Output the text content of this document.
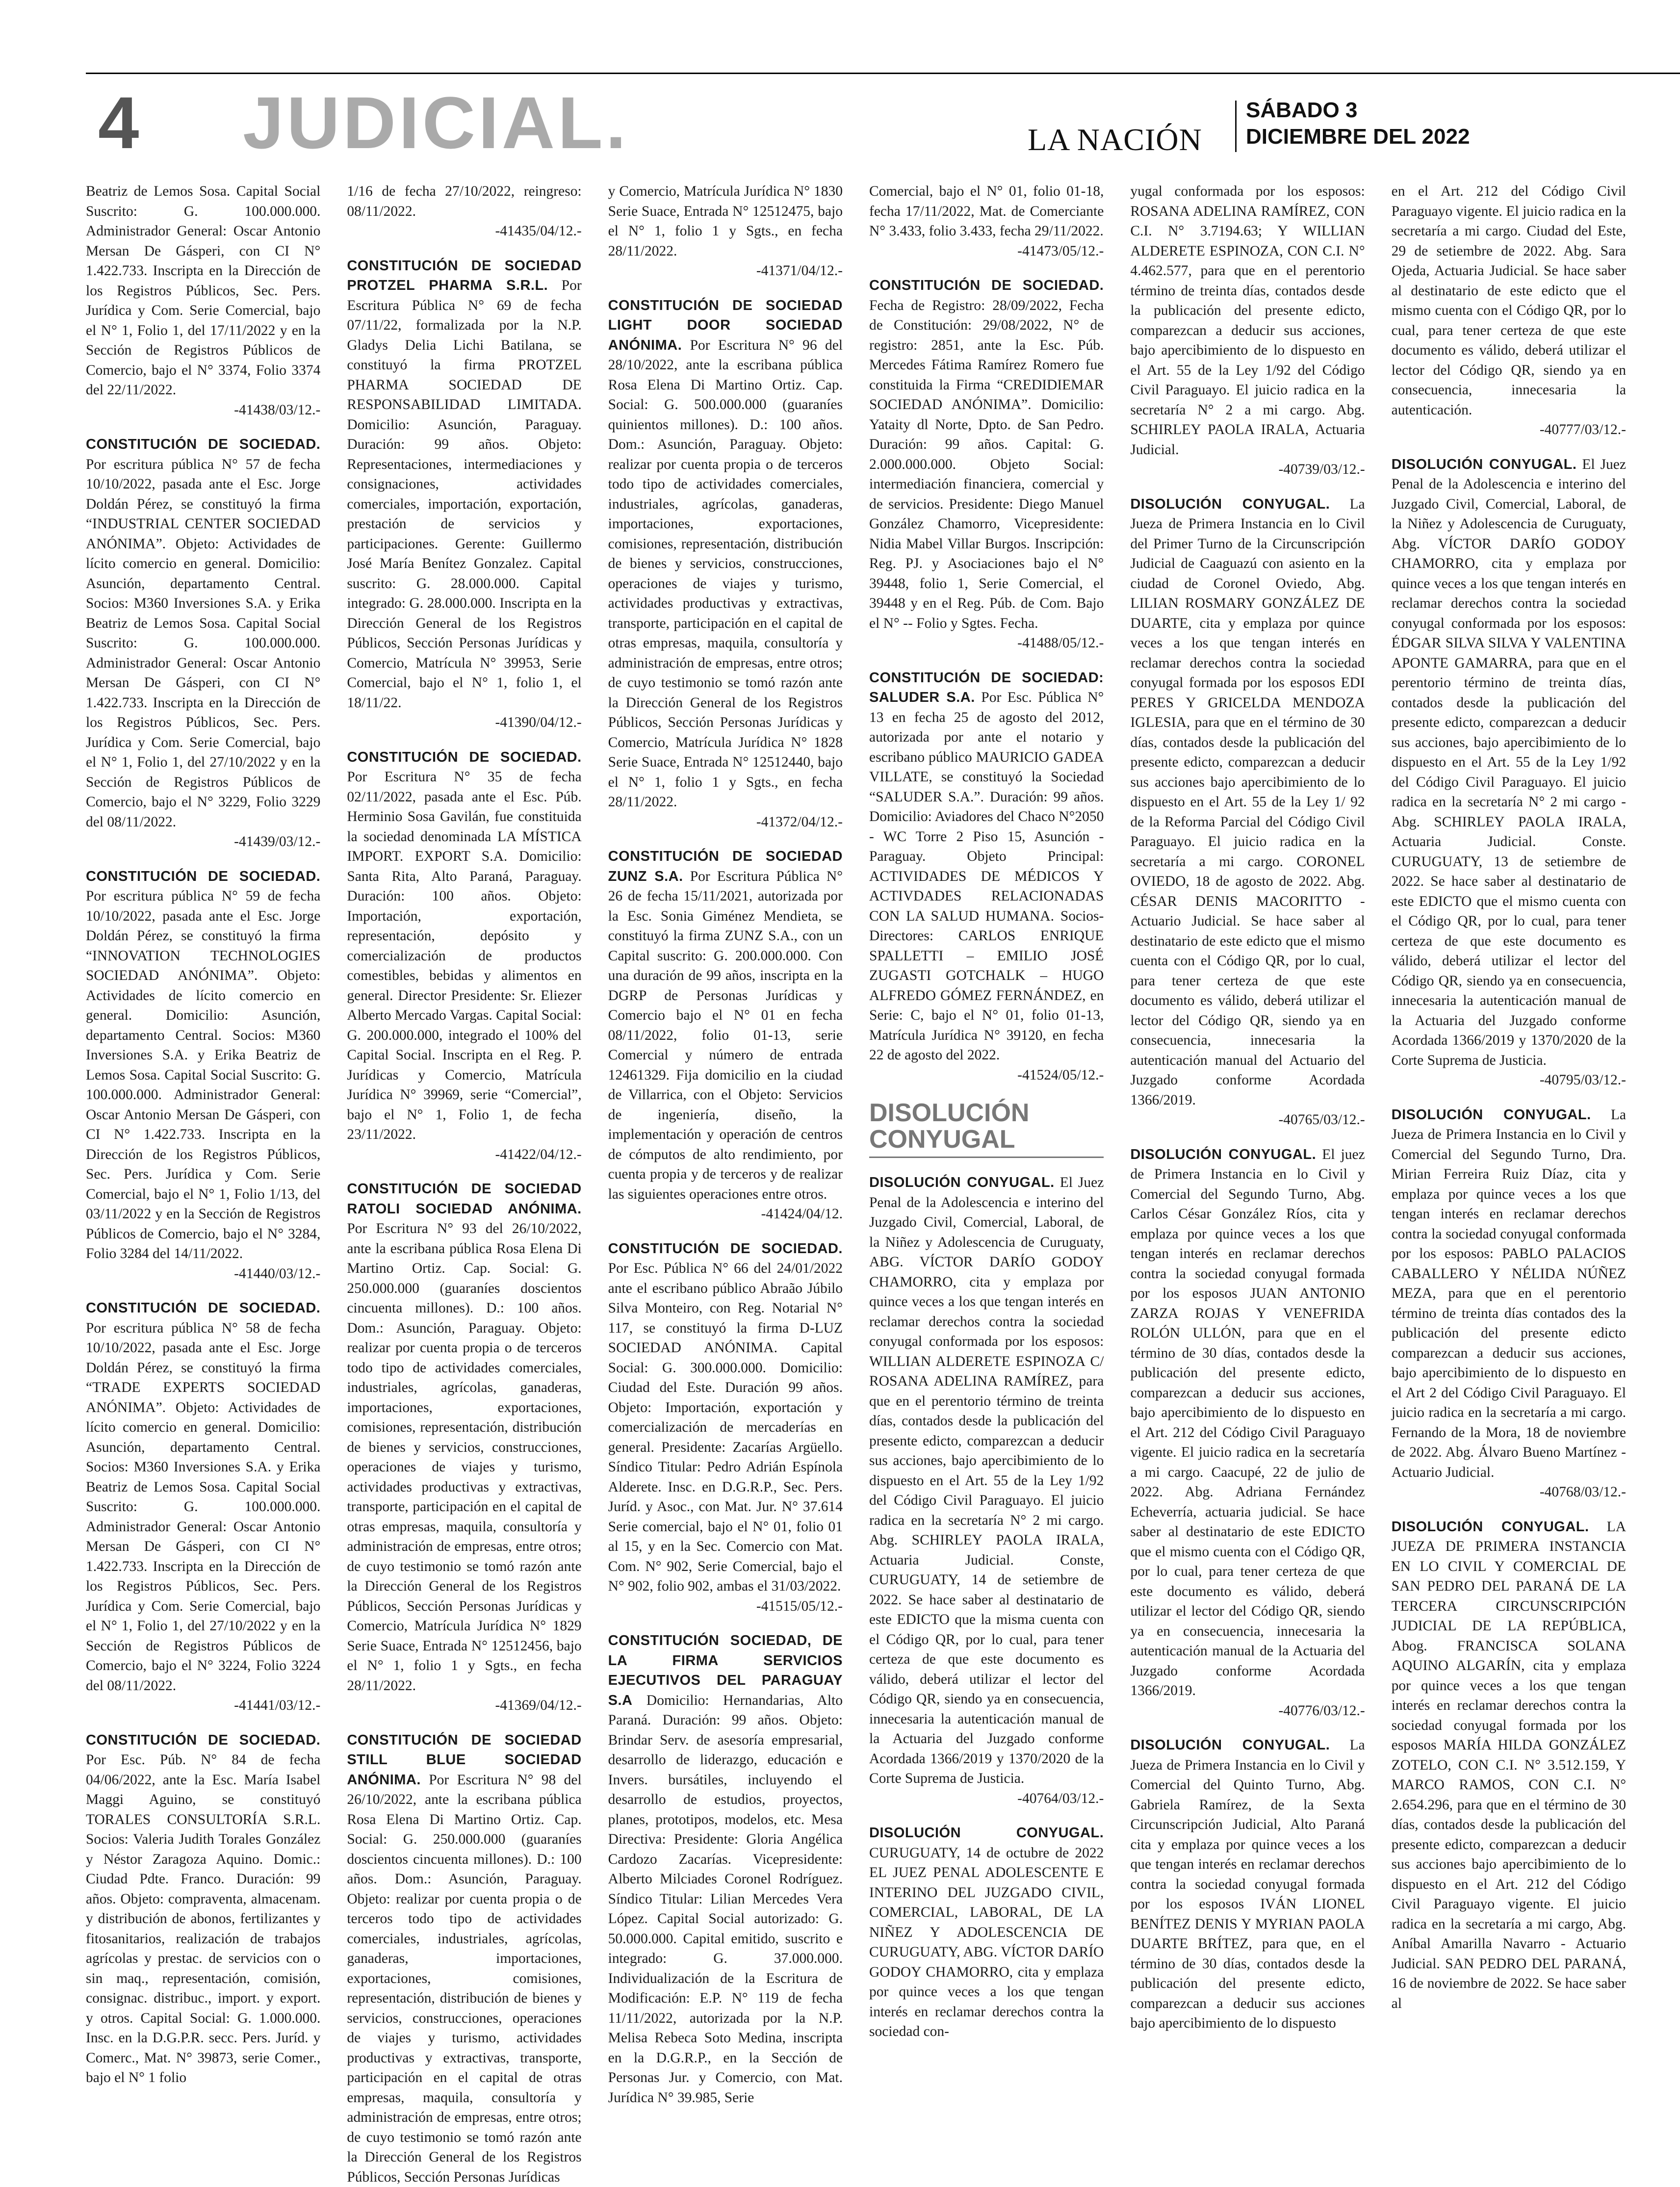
4 JUDICIAL.	LA NACIÓN
SÁBADO 3
DICIEMBRE DEL 2022

Beatriz de Lemos Sosa. Capital Social Suscrito: G. 100.000.000. Administrador General: Oscar Antonio Mersan De Gásperi, con CI N° 1.422.733. Inscripta en la Dirección de los Registros Públicos, Sec. Pers. Jurídica y Com. Serie Comercial, bajo el N° 1, Folio 1, del 17/11/2022 y en la Sección de Registros Públicos de Comercio, bajo el N° 3374, Folio 3374 del 22/11/2022.
-41438/03/12.-

CONSTITUCIÓN DE SOCIEDAD. Por escritura pública N° 57 de fecha 10/10/2022, pasada ante el Esc. Jorge Doldán Pérez, se constituyó la firma “INDUSTRIAL CENTER SOCIEDAD ANÓNIMA”. Objeto: Actividades de lícito comercio en general. Domicilio: Asunción, departamento Central. Socios: M360 Inversiones S.A. y Erika Beatriz de Lemos Sosa. Capital Social Suscrito: G. 100.000.000. Administrador General: Oscar Antonio Mersan De Gásperi, con CI N° 1.422.733. Inscripta en la Dirección de los Registros Públicos, Sec. Pers. Jurídica y Com. Serie Comercial, bajo el N° 1, Folio 1, del 27/10/2022 y en la Sección de Registros Públicos de Comercio, bajo el N° 3229, Folio 3229 del 08/11/2022.
-41439/03/12.-

CONSTITUCIÓN DE SOCIEDAD. Por escritura pública N° 59 de fecha 10/10/2022, pasada ante el Esc. Jorge Doldán Pérez, se constituyó la firma “INNOVATION TECHNOLOGIES SOCIEDAD ANÓNIMA”. Objeto: Actividades de lícito comercio en general. Domicilio: Asunción, departamento Central. Socios: M360 Inversiones S.A. y Erika Beatriz de Lemos Sosa. Capital Social Suscrito: G. 100.000.000. Administrador General: Oscar Antonio Mersan De Gásperi, con CI N° 1.422.733. Inscripta en la Dirección de los Registros Públicos, Sec. Pers. Jurídica y Com. Serie Comercial, bajo el N° 1, Folio 1/13, del 03/11/2022 y en la Sección de Registros Públicos de Comercio, bajo el N° 3284, Folio 3284 del 14/11/2022.
-41440/03/12.-

CONSTITUCIÓN DE SOCIEDAD. Por escritura pública N° 58 de fecha 10/10/2022, pasada ante el Esc. Jorge Doldán Pérez, se constituyó la firma “TRADE EXPERTS SOCIEDAD ANÓNIMA”. Objeto: Actividades de lícito comercio en general. Domicilio: Asunción, departamento Central. Socios: M360 Inversiones S.A. y Erika Beatriz de Lemos Sosa. Capital Social Suscrito: G. 100.000.000. Administrador General: Oscar Antonio Mersan De Gásperi, con CI N° 1.422.733. Inscripta en la Dirección de los Registros Públicos, Sec. Pers. Jurídica y Com. Serie Comercial, bajo el N° 1, Folio 1, del 27/10/2022 y en la Sección de Registros Públicos de Comercio, bajo el N° 3224, Folio 3224 del 08/11/2022.
-41441/03/12.-

CONSTITUCIÓN DE SOCIEDAD. Por Esc. Púb. N° 84 de fecha 04/06/2022, ante la Esc. María Isabel Maggi Aguino, se constituyó TORALES CONSULTORÍA S.R.L. Socios: Valeria Judith Torales González y Néstor Zaragoza Aquino. Domic.: Ciudad Pdte. Franco. Duración: 99 años. Objeto: compraventa, almacenam. y distribución de abonos, fertilizantes y fitosanitarios, realización de trabajos agrícolas y prestac. de servicios con o sin maq., representación, comisión, consignac. distribuc., import. y export. y otros. Capital Social: G. 1.000.000. Insc. en la D.G.P.R. secc. Pers. Juríd. y Comerc., Mat. N° 39873, serie Comer., bajo el N° 1 folio

1/16 de fecha 27/10/2022, reingreso: 08/11/2022.
-41435/04/12.-

CONSTITUCIÓN DE SOCIEDAD PROTZEL PHARMA S.R.L. Por Escritura Pública N° 69 de fecha 07/11/22, formalizada por la N.P. Gladys Delia Lichi Batilana, se constituyó la firma PROTZEL PHARMA SOCIEDAD DE RESPONSABILIDAD LIMITADA. Domicilio: Asunción, Paraguay. Duración: 99 años. Objeto: Representaciones, intermediaciones y consignaciones, actividades comerciales, importación, exportación, prestación de servicios y participaciones. Gerente: Guillermo José María Benítez Gonzalez. Capital suscrito: G. 28.000.000. Capital integrado: G. 28.000.000. Inscripta en la Dirección General de los Registros Públicos, Sección Personas Jurídicas y Comercio, Matrícula N° 39953, Serie Comercial, bajo el N° 1, folio 1, el 18/11/22.
-41390/04/12.-

CONSTITUCIÓN DE SOCIEDAD. Por Escritura N° 35 de fecha 02/11/2022, pasada ante el Esc. Púb. Herminio Sosa Gavilán, fue constituida la sociedad denominada LA MÍSTICA IMPORT. EXPORT S.A. Domicilio: Santa Rita, Alto Paraná, Paraguay. Duración: 100 años. Objeto: Importación, exportación, representación, depósito y comercialización de productos comestibles, bebidas y alimentos en general. Director Presidente: Sr. Eliezer Alberto Mercado Vargas. Capital Social: G. 200.000.000, integrado el 100% del Capital Social. Inscripta en el Reg. P. Jurídicas y Comercio, Matrícula Jurídica N° 39969, serie “Comercial”, bajo el N° 1, Folio 1, de fecha 23/11/2022.
-41422/04/12.-

CONSTITUCIÓN DE SOCIEDAD RATOLI SOCIEDAD ANÓNIMA. Por Escritura N° 93 del 26/10/2022, ante la escribana pública Rosa Elena Di Martino Ortiz. Cap. Social: G. 250.000.000 (guaraníes doscientos cincuenta millones). D.: 100 años. Dom.: Asunción, Paraguay. Objeto: realizar por cuenta propia o de terceros todo tipo de actividades comerciales, industriales, agrícolas, ganaderas, importaciones, exportaciones, comisiones, representación, distribución de bienes y servicios, construcciones, operaciones de viajes y turismo, actividades productivas y extractivas, transporte, participación en el capital de otras empresas, maquila, consultoría y administración de empresas, entre otros; de cuyo testimonio se tomó razón ante la Dirección General de los Registros Públicos, Sección Personas Jurídicas y Comercio, Matrícula Jurídica N° 1829 Serie Suace, Entrada N° 12512456, bajo el N° 1, folio 1 y Sgts., en fecha 28/11/2022.
-41369/04/12.-

CONSTITUCIÓN DE SOCIEDAD STILL BLUE SOCIEDAD ANÓNIMA. Por Escritura N° 98 del 26/10/2022, ante la escribana pública Rosa Elena Di Martino Ortiz. Cap. Social: G. 250.000.000 (guaraníes doscientos cincuenta millones). D.: 100 años. Dom.: Asunción, Paraguay. Objeto: realizar por cuenta propia o de terceros todo tipo de actividades comerciales, industriales, agrícolas, ganaderas, importaciones, exportaciones, comisiones, representación, distribución de bienes y servicios, construcciones, operaciones de viajes y turismo, actividades productivas y extractivas, transporte, participación en el capital de otras empresas, maquila, consultoría y administración de empresas, entre otros; de cuyo testimonio se tomó razón ante la Dirección General de los Registros Públicos, Sección Personas Jurídicas

y Comercio, Matrícula Jurídica N° 1830 Serie Suace, Entrada N° 12512475, bajo el N° 1, folio 1 y Sgts., en fecha 28/11/2022.
-41371/04/12.-

CONSTITUCIÓN DE SOCIEDAD LIGHT DOOR SOCIEDAD ANÓNIMA. Por Escritura N° 96 del 28/10/2022, ante la escribana pública Rosa Elena Di Martino Ortiz. Cap. Social: G. 500.000.000 (guaraníes quinientos millones). D.: 100 años. Dom.: Asunción, Paraguay. Objeto: realizar por cuenta propia o de terceros todo tipo de actividades comerciales, industriales, agrícolas, ganaderas, importaciones, exportaciones, comisiones, representación, distribución de bienes y servicios, construcciones, operaciones de viajes y turismo, actividades productivas y extractivas, transporte, participación en el capital de otras empresas, maquila, consultoría y administración de empresas, entre otros; de cuyo testimonio se tomó razón ante la Dirección General de los Registros Públicos, Sección Personas Jurídicas y Comercio, Matrícula Jurídica N° 1828 Serie Suace, Entrada N° 12512440, bajo el N° 1, folio 1 y Sgts., en fecha 28/11/2022.
-41372/04/12.-

CONSTITUCIÓN DE SOCIEDAD ZUNZ S.A. Por Escritura Pública N° 26 de fecha 15/11/2021, autorizada por la Esc. Sonia Giménez Mendieta, se constituyó la firma ZUNZ S.A., con un Capital suscrito: G. 200.000.000. Con una duración de 99 años, inscripta en la DGRP de Personas Jurídicas y Comercio bajo el N° 01 en fecha 08/11/2022, folio 01-13, serie Comercial y número de entrada 12461329. Fija domicilio en la ciudad de Villarrica, con el Objeto: Servicios de ingeniería, diseño, la implementación y operación de centros de cómputos de alto rendimiento, por cuenta propia y de terceros y de realizar las siguientes operaciones entre otros.
-41424/04/12.

CONSTITUCIÓN DE SOCIEDAD. Por Esc. Pública N° 66 del 24/01/2022 ante el escribano público Abraão Júbilo Silva Monteiro, con Reg. Notarial N° 117, se constituyó la firma D-LUZ SOCIEDAD ANÓNIMA. Capital Social: G. 300.000.000. Domicilio: Ciudad del Este. Duración 99 años. Objeto: Importación, exportación y comercialización de mercaderías en general. Presidente: Zacarías Argüello. Síndico Titular: Pedro Adrián Espínola Alderete. Insc. en D.G.R.P., Sec. Pers. Juríd. y Asoc., con Mat. Jur. N° 37.614 Serie comercial, bajo el N° 01, folio 01 al 15, y en la Sec. Comercio con Mat. Com. N° 902, Serie Comercial, bajo el N° 902, folio 902, ambas el 31/03/2022.
-41515/05/12.-

CONSTITUCIÓN SOCIEDAD, DE LA FIRMA SERVICIOS EJECUTIVOS DEL PARAGUAY S.A Domicilio: Hernandarias, Alto Paraná. Duración: 99 años. Objeto: Brindar Serv. de asesoría empresarial, desarrollo de liderazgo, educación e Invers. bursátiles, incluyendo el desarrollo de estudios, proyectos, planes, prototipos, modelos, etc. Mesa Directiva: Presidente: Gloria Angélica Cardozo Zacarías. Vicepresidente: Alberto Milciades Coronel Rodríguez. Síndico Titular: Lilian Mercedes Vera López. Capital Social autorizado: G. 50.000.000. Capital emitido, suscrito e integrado: G. 37.000.000. Individualización de la Escritura de Modificación: E.P. N° 119 de fecha 11/11/2022, autorizada por la N.P. Melisa Rebeca Soto Medina, inscripta en la D.G.R.P., en la Sección de Personas Jur. y Comercio, con Mat. Jurídica N° 39.985, Serie

Comercial, bajo el N° 01, folio 01-18, fecha 17/11/2022, Mat. de Comerciante N° 3.433, folio 3.433, fecha 29/11/2022.
-41473/05/12.-

CONSTITUCIÓN DE SOCIEDAD. Fecha de Registro: 28/09/2022, Fecha de Constitución: 29/08/2022, N° de registro: 2851, ante la Esc. Púb. Mercedes Fátima Ramírez Romero fue constituida la Firma “CREDIDIEMAR SOCIEDAD ANÓNIMA”. Domicilio: Yataity dl Norte, Dpto. de San Pedro. Duración: 99 años. Capital: G. 2.000.000.000. Objeto Social: intermediación financiera, comercial y de servicios. Presidente: Diego Manuel González Chamorro, Vicepresidente: Nidia Mabel Villar Burgos. Inscripción: Reg. PJ. y Asociaciones bajo el N° 39448, folio 1, Serie Comercial, el 39448 y en el Reg. Púb. de Com. Bajo el N° -- Folio y Sgtes. Fecha.
-41488/05/12.-

CONSTITUCIÓN DE SOCIEDAD: SALUDER S.A. Por Esc. Pública N° 13 en fecha 25 de agosto del 2012, autorizada por ante el notario y escribano público MAURICIO GADEA VILLATE, se constituyó la Sociedad “SALUDER S.A.”. Duración: 99 años. Domicilio: Aviadores del Chaco N°2050 - WC Torre 2 Piso 15, Asunción - Paraguay. Objeto Principal: ACTIVIDADES DE MÉDICOS Y ACTIVDADES RELACIONADAS CON LA SALUD HUMANA. Socios-Directores: CARLOS ENRIQUE SPALLETTI – EMILIO JOSÉ ZUGASTI GOTCHALK – HUGO ALFREDO GÓMEZ FERNÁNDEZ, en Serie: C, bajo el N° 01, folio 01-13, Matrícula Jurídica N° 39120, en fecha 22 de agosto del 2022.
-41524/05/12.-

DISOLUCIÓN CONYUGAL

DISOLUCIÓN CONYUGAL. El Juez Penal de la Adolescencia e interino del Juzgado Civil, Comercial, Laboral, de la Niñez y Adolescencia de Curuguaty, ABG. VÍCTOR DARÍO GODOY CHAMORRO, cita y emplaza por quince veces a los que tengan interés en reclamar derechos contra la sociedad conyugal conformada por los esposos: WILLIAN ALDERETE ESPINOZA C/ ROSANA ADELINA RAMÍREZ, para que en el perentorio término de treinta días, contados desde la publicación del presente edicto, comparezcan a deducir sus acciones, bajo apercibimiento de lo dispuesto en el Art. 55 de la Ley 1/92 del Código Civil Paraguayo. El juicio radica en la secretaría N° 2 mi cargo. Abg. SCHIRLEY PAOLA IRALA, Actuaria Judicial. Conste, CURUGUATY, 14 de setiembre de 2022. Se hace saber al destinatario de este EDICTO que la misma cuenta con el Código QR, por lo cual, para tener certeza de que este documento es válido, deberá utilizar el lector del Código QR, siendo ya en consecuencia, innecesaria la autenticación manual de la Actuaria del Juzgado conforme Acordada 1366/2019 y 1370/2020 de la Corte Suprema de Justicia.
-40764/03/12.-

DISOLUCIÓN CONYUGAL. CURUGUATY, 14 de octubre de 2022 EL JUEZ PENAL ADOLESCENTE E INTERINO DEL JUZGADO CIVIL, COMERCIAL, LABORAL, DE LA NIÑEZ Y ADOLESCENCIA DE CURUGUATY, ABG. VÍCTOR DARÍO GODOY CHAMORRO, cita y emplaza por quince veces a los que tengan interés en reclamar derechos contra la sociedad con-

yugal conformada por los esposos: ROSANA ADELINA RAMÍREZ, CON C.I. N° 3.7194.63; Y WILLIAN ALDERETE ESPINOZA, CON C.I. N° 4.462.577, para que en el perentorio término de treinta días, contados desde la publicación del presente edicto, comparezcan a deducir sus acciones, bajo apercibimiento de lo dispuesto en el Art. 55 de la Ley 1/92 del Código Civil Paraguayo. El juicio radica en la secretaría N° 2 a mi cargo. Abg. SCHIRLEY PAOLA IRALA, Actuaria Judicial.
-40739/03/12.-

DISOLUCIÓN CONYUGAL. La Jueza de Primera Instancia en lo Civil del Primer Turno de la Circunscripción Judicial de Caaguazú con asiento en la ciudad de Coronel Oviedo, Abg. LILIAN ROSMARY GONZÁLEZ DE DUARTE, cita y emplaza por quince veces a los que tengan interés en reclamar derechos contra la sociedad conyugal formada por los esposos EDI PERES Y GRICELDA MENDOZA IGLESIA, para que en el término de 30 días, contados desde la publicación del presente edicto, comparezcan a deducir sus acciones bajo apercibimiento de lo dispuesto en el Art. 55 de la Ley 1/ 92 de la Reforma Parcial del Código Civil Paraguayo. El juicio radica en la secretaría a mi cargo. CORONEL OVIEDO, 18 de agosto de 2022. Abg. CÉSAR DENIS MACORITTO - Actuario Judicial. Se hace saber al destinatario de este edicto que el mismo cuenta con el Código QR, por lo cual, para tener certeza de que este documento es válido, deberá utilizar el lector del Código QR, siendo ya en consecuencia, innecesaria la autenticación manual del Actuario del Juzgado conforme Acordada 1366/2019.
-40765/03/12.-

DISOLUCIÓN CONYUGAL. El juez de Primera Instancia en lo Civil y Comercial del Segundo Turno, Abg. Carlos César González Ríos, cita y emplaza por quince veces a los que tengan interés en reclamar derechos contra la sociedad conyugal formada por los esposos JUAN ANTONIO ZARZA ROJAS Y VENEFRIDA ROLÓN ULLÓN, para que en el término de 30 días, contados desde la publicación del presente edicto, comparezcan a deducir sus acciones, bajo apercibimiento de lo dispuesto en el Art. 212 del Código Civil Paraguayo vigente. El juicio radica en la secretaría a mi cargo. Caacupé, 22 de julio de 2022. Abg. Adriana Fernández Echeverría, actuaria judicial. Se hace saber al destinatario de este EDICTO que el mismo cuenta con el Código QR, por lo cual, para tener certeza de que este documento es válido, deberá utilizar el lector del Código QR, siendo ya en consecuencia, innecesaria la autenticación manual de la Actuaria del Juzgado conforme Acordada 1366/2019.
-40776/03/12.-

DISOLUCIÓN CONYUGAL. La Jueza de Primera Instancia en lo Civil y Comercial del Quinto Turno, Abg. Gabriela Ramírez, de la Sexta Circunscripción Judicial, Alto Paraná cita y emplaza por quince veces a los que tengan interés en reclamar derechos contra la sociedad conyugal formada por los esposos IVÁN LIONEL BENÍTEZ DENIS Y MYRIAN PAOLA DUARTE BRÍTEZ, para que, en el término de 30 días, contados desde la publicación del presente edicto, comparezcan a deducir sus acciones bajo apercibimiento de lo dispuesto

en el Art. 212 del Código Civil Paraguayo vigente. El juicio radica en la secretaría a mi cargo. Ciudad del Este, 29 de setiembre de 2022. Abg. Sara Ojeda, Actuaria Judicial. Se hace saber al destinatario de este edicto que el mismo cuenta con el Código QR, por lo cual, para tener certeza de que este documento es válido, deberá utilizar el lector del Código QR, siendo ya en consecuencia, innecesaria la autenticación.
-40777/03/12.-

DISOLUCIÓN CONYUGAL. El Juez Penal de la Adolescencia e interino del Juzgado Civil, Comercial, Laboral, de la Niñez y Adolescencia de Curuguaty, Abg. VÍCTOR DARÍO GODOY CHAMORRO, cita y emplaza por quince veces a los que tengan interés en reclamar derechos contra la sociedad conyugal conformada por los esposos: ÉDGAR SILVA SILVA Y VALENTINA APONTE GAMARRA, para que en el perentorio término de treinta días, contados desde la publicación del presente edicto, comparezcan a deducir sus acciones, bajo apercibimiento de lo dispuesto en el Art. 55 de la Ley 1/92 del Código Civil Paraguayo. El juicio radica en la secretaría N° 2 mi cargo - Abg. SCHIRLEY PAOLA IRALA, Actuaria Judicial. Conste. CURUGUATY, 13 de setiembre de 2022. Se hace saber al destinatario de este EDICTO que el mismo cuenta con el Código QR, por lo cual, para tener certeza de que este documento es válido, deberá utilizar el lector del Código QR, siendo ya en consecuencia, innecesaria la autenticación manual de la Actuaria del Juzgado conforme Acordada 1366/2019 y 1370/2020 de la Corte Suprema de Justicia.
-40795/03/12.-

DISOLUCIÓN CONYUGAL. La Jueza de Primera Instancia en lo Civil y Comercial del Segundo Turno, Dra. Mirian Ferreira Ruiz Díaz, cita y emplaza por quince veces a los que tengan interés en reclamar derechos contra la sociedad conyugal conformada por los esposos: PABLO PALACIOS CABALLERO Y NÉLIDA NÚÑEZ MEZA, para que en el perentorio término de treinta días contados des la publicación del presente edicto comparezcan a deducir sus acciones, bajo apercibimiento de lo dispuesto en el Art 2 del Código Civil Paraguayo. El juicio radica en la secretaría a mi cargo. Fernando de la Mora, 18 de noviembre de 2022. Abg. Álvaro Bueno Martínez - Actuario Judicial.
-40768/03/12.-

DISOLUCIÓN CONYUGAL. LA JUEZA DE PRIMERA INSTANCIA EN LO CIVIL Y COMERCIAL DE SAN PEDRO DEL PARANÁ DE LA TERCERA CIRCUNSCRIPCIÓN JUDICIAL DE LA REPÚBLICA, Abog. FRANCISCA SOLANA AQUINO ALGARÍN, cita y emplaza por quince veces a los que tengan interés en reclamar derechos contra la sociedad conyugal formada por los esposos MARÍA HILDA GONZÁLEZ ZOTELO, CON C.I. N° 3.512.159, Y MARCO RAMOS, CON C.I. N° 2.654.296, para que en el término de 30 días, contados desde la publicación del presente edicto, comparezcan a deducir sus acciones bajo apercibimiento de lo dispuesto en el Art. 212 del Código Civil Paraguayo vigente. El juicio radica en la secretaría a mi cargo, Abg. Aníbal Amarilla Navarro - Actuario Judicial. SAN PEDRO DEL PARANÁ, 16 de noviembre de 2022. Se hace saber al
